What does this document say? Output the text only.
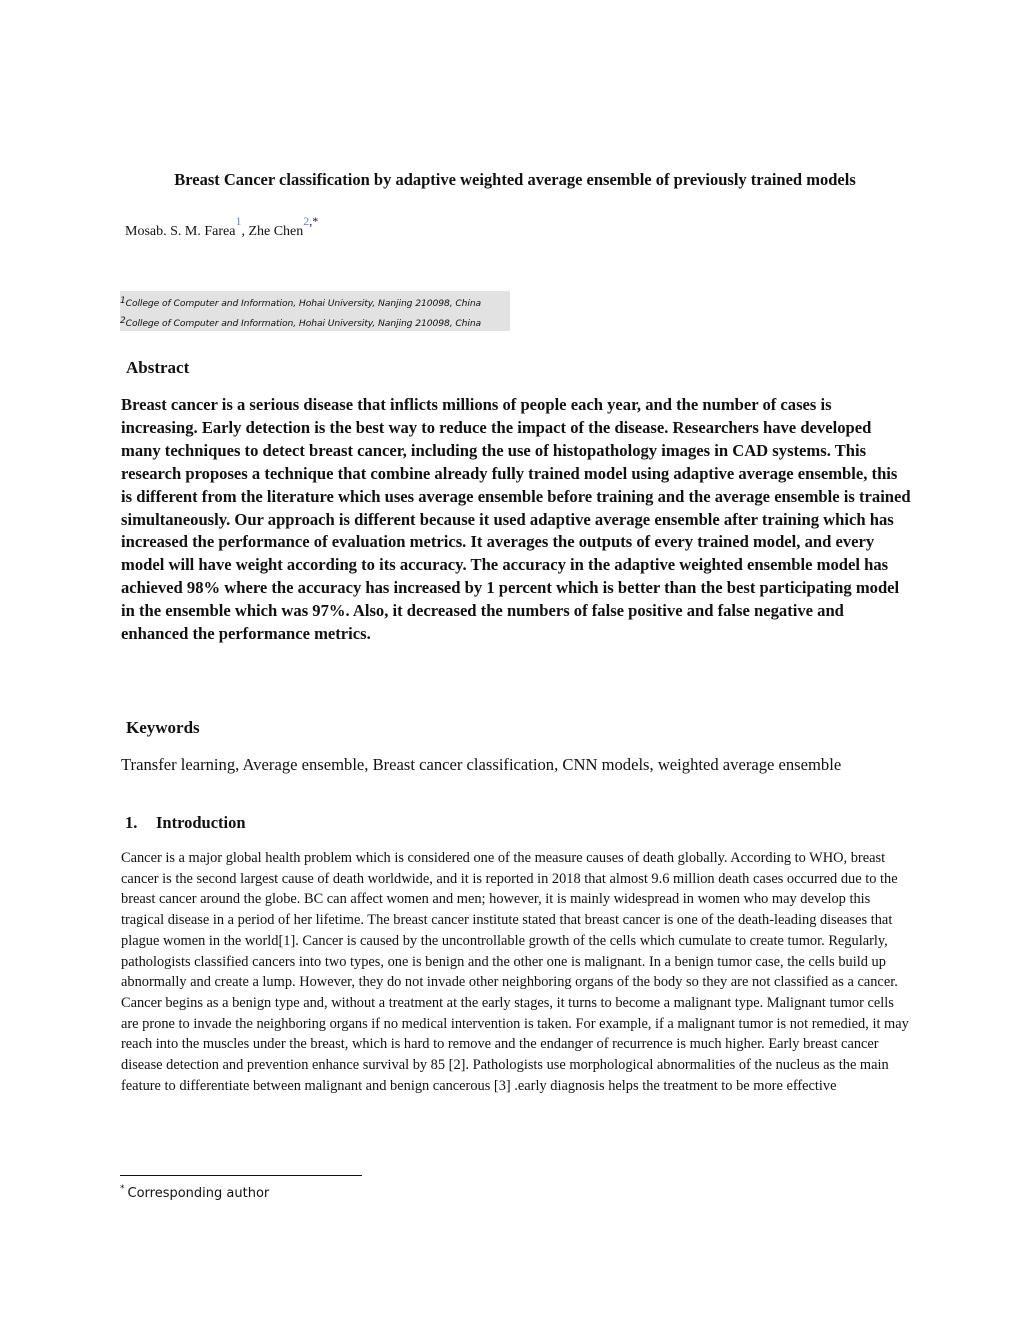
Breast Cancer classification by adaptive weighted average ensemble of previously trained models
Mosab. S. M. Farea$^1$, Zhe Chen$^{2,*}$
1College of Computer and Information, Hohai University, Nanjing 210098, China
2College of Computer and Information, Hohai University, Nanjing 210098, China
Abstract
Breast cancer is a serious disease that inflicts millions of people each year, and the number of cases is increasing. Early detection is the best way to reduce the impact of the disease. Researchers have developed many techniques to detect breast cancer, including the use of histopathology images in CAD systems. This research proposes a technique that combine already fully trained model using adaptive average ensemble, this is different from the literature which uses average ensemble before training and the average ensemble is trained simultaneously. Our approach is different because it used adaptive average ensemble after training which has increased the performance of evaluation metrics. It averages the outputs of every trained model, and every model will have weight according to its accuracy. The accuracy in the adaptive weighted ensemble model has achieved 98% where the accuracy has increased by 1 percent which is better than the best participating model in the ensemble which was 97%. Also, it decreased the numbers of false positive and false negative and enhanced the performance metrics.
Keywords
Transfer learning, Average ensemble, Breast cancer classification, CNN models, weighted average ensemble
1. Introduction
Cancer is a major global health problem which is considered one of the measure causes of death globally. According to WHO, breast cancer is the second largest cause of death worldwide, and it is reported in 2018 that almost 9.6 million death cases occurred due to the breast cancer around the globe. BC can affect women and men; however, it is mainly widespread in women who may develop this tragical disease in a period of her lifetime. The breast cancer institute stated that breast cancer is one of the death-leading diseases that plague women in the world[1]. Cancer is caused by the uncontrollable growth of the cells which cumulate to create tumor. Regularly, pathologists classified cancers into two types, one is benign and the other one is malignant. In a benign tumor case, the cells build up abnormally and create a lump. However, they do not invade other neighboring organs of the body so they are not classified as a cancer. Cancer begins as a benign type and, without a treatment at the early stages, it turns to become a malignant type. Malignant tumor cells are prone to invade the neighboring organs if no medical intervention is taken. For example, if a malignant tumor is not remedied, it may reach into the muscles under the breast, which is hard to remove and the endanger of recurrence is much higher. Early breast cancer disease detection and prevention enhance survival by 85 [2]. Pathologists use morphological abnormalities of the nucleus as the main feature to differentiate between malignant and benign cancerous [3] .early diagnosis helps the treatment to be more effective
* Corresponding author
